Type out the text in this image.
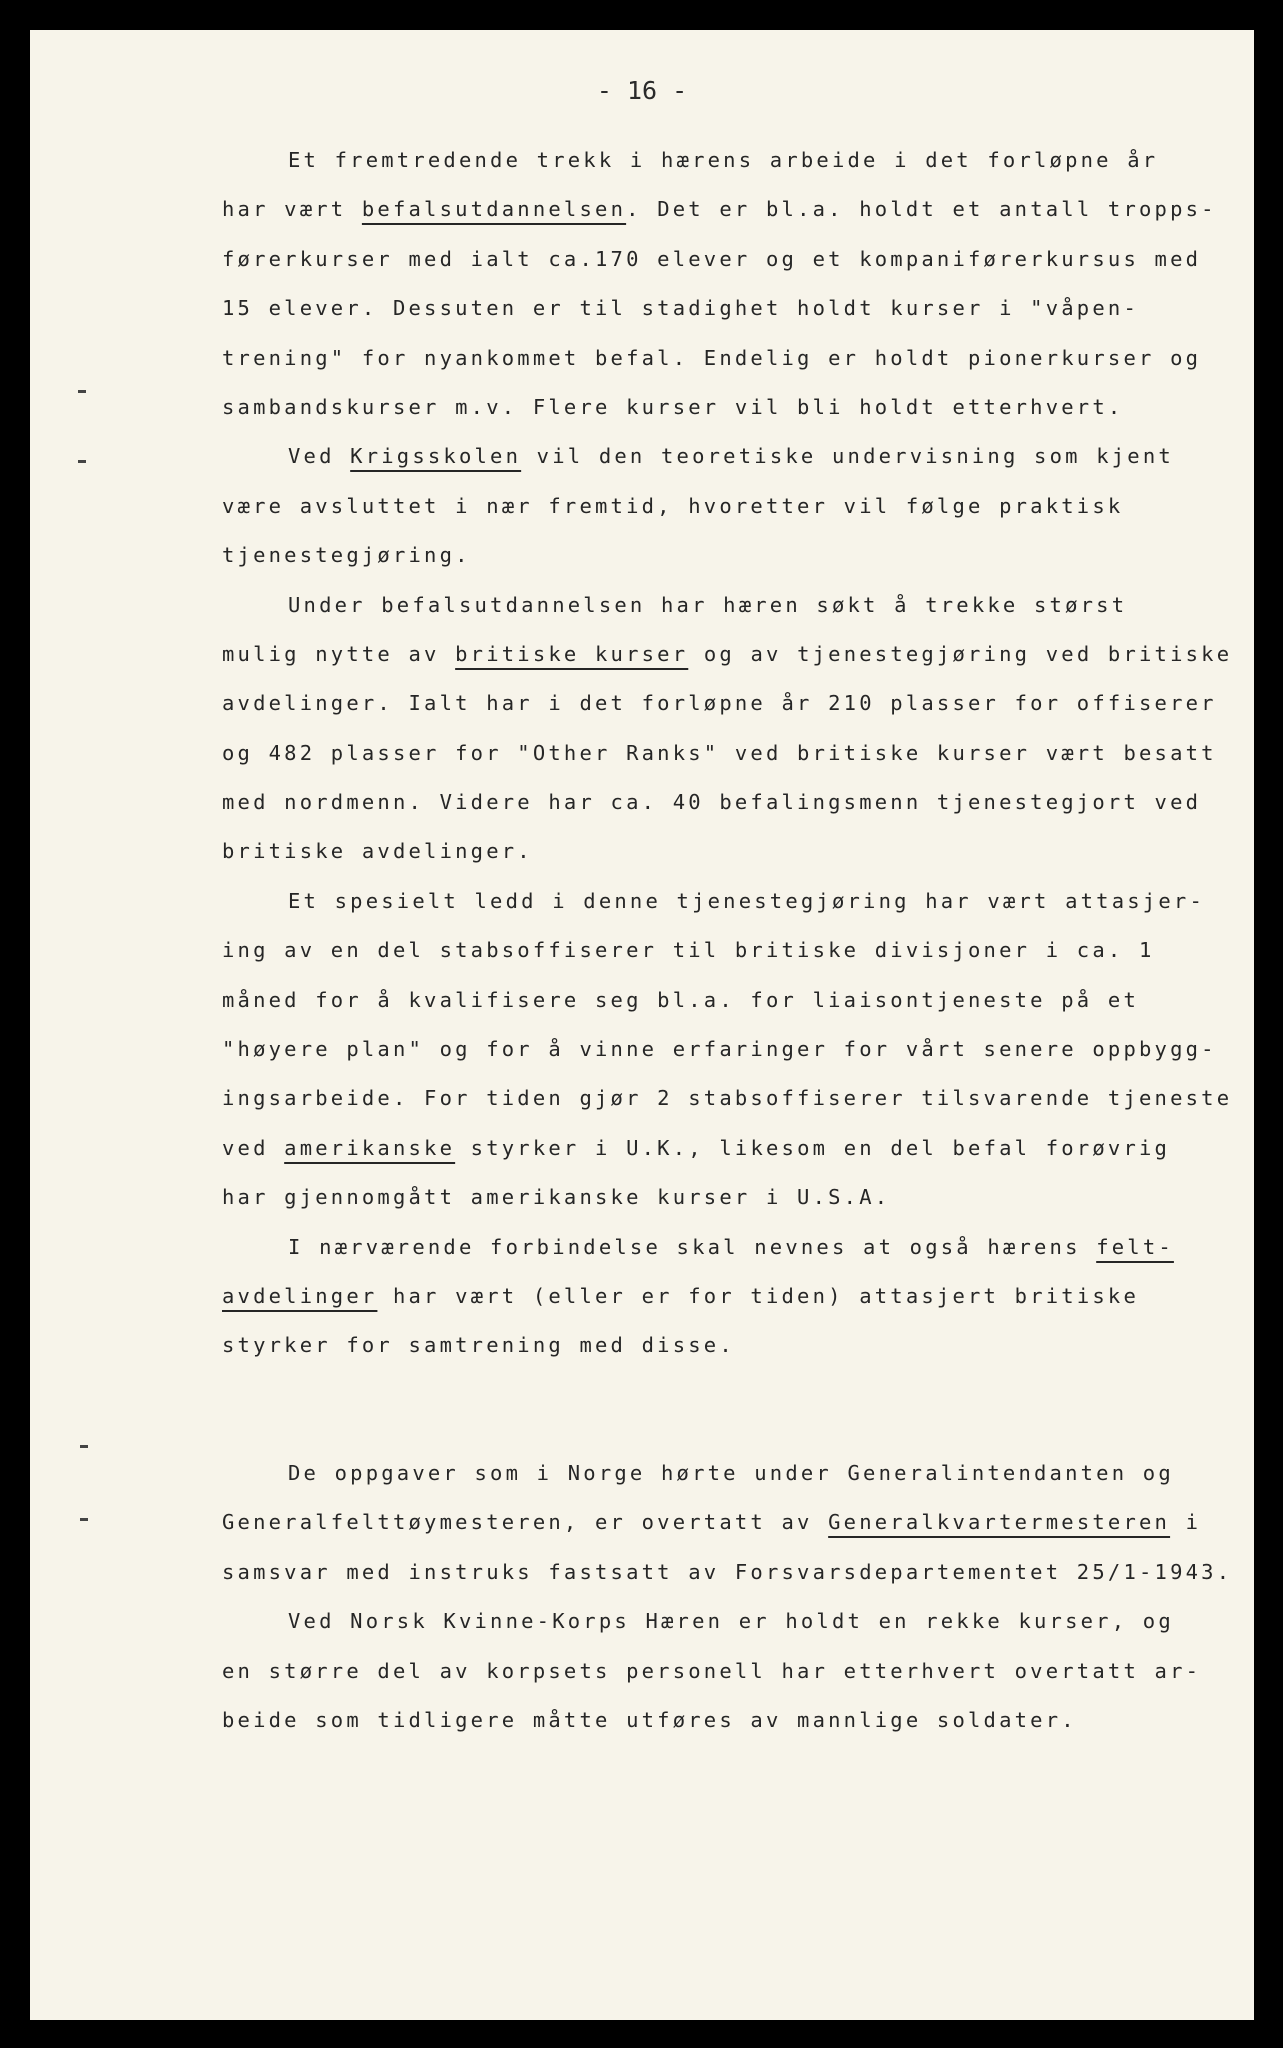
- 16 -
Et fremtredende trekk i hærens arbeide i det forløpne år
har vært befalsutdannelsen. Det er bl.a. holdt et antall tropps-
førerkurser med ialt ca.170 elever og et kompaniførerkursus med
15 elever. Dessuten er til stadighet holdt kurser i "våpen-
trening" for nyankommet befal. Endelig er holdt pionerkurser og
sambandskurser m.v. Flere kurser vil bli holdt etterhvert.
Ved Krigsskolen vil den teoretiske undervisning som kjent
være avsluttet i nær fremtid, hvoretter vil følge praktisk
tjenestegjøring.
Under befalsutdannelsen har hæren søkt å trekke størst
mulig nytte av britiske kurser og av tjenestegjøring ved britiske
avdelinger. Ialt har i det forløpne år 210 plasser for offiserer
og 482 plasser for "Other Ranks" ved britiske kurser vært besatt
med nordmenn. Videre har ca. 40 befalingsmenn tjenestegjort ved
britiske avdelinger.
Et spesielt ledd i denne tjenestegjøring har vært attasjer-
ing av en del stabsoffiserer til britiske divisjoner i ca. 1
måned for å kvalifisere seg bl.a. for liaisontjeneste på et
"høyere plan" og for å vinne erfaringer for vårt senere oppbygg-
ingsarbeide. For tiden gjør 2 stabsoffiserer tilsvarende tjeneste
ved amerikanske styrker i U.K., likesom en del befal forøvrig
har gjennomgått amerikanske kurser i U.S.A.
I nærværende forbindelse skal nevnes at også hærens felt-
avdelinger har vært (eller er for tiden) attasjert britiske
styrker for samtrening med disse.
De oppgaver som i Norge hørte under Generalintendanten og
Generalfelttøymesteren, er overtatt av Generalkvartermesteren i
samsvar med instruks fastsatt av Forsvarsdepartementet 25/1-1943.
Ved Norsk Kvinne-Korps Hæren er holdt en rekke kurser, og
en større del av korpsets personell har etterhvert overtatt ar-
beide som tidligere måtte utføres av mannlige soldater.
